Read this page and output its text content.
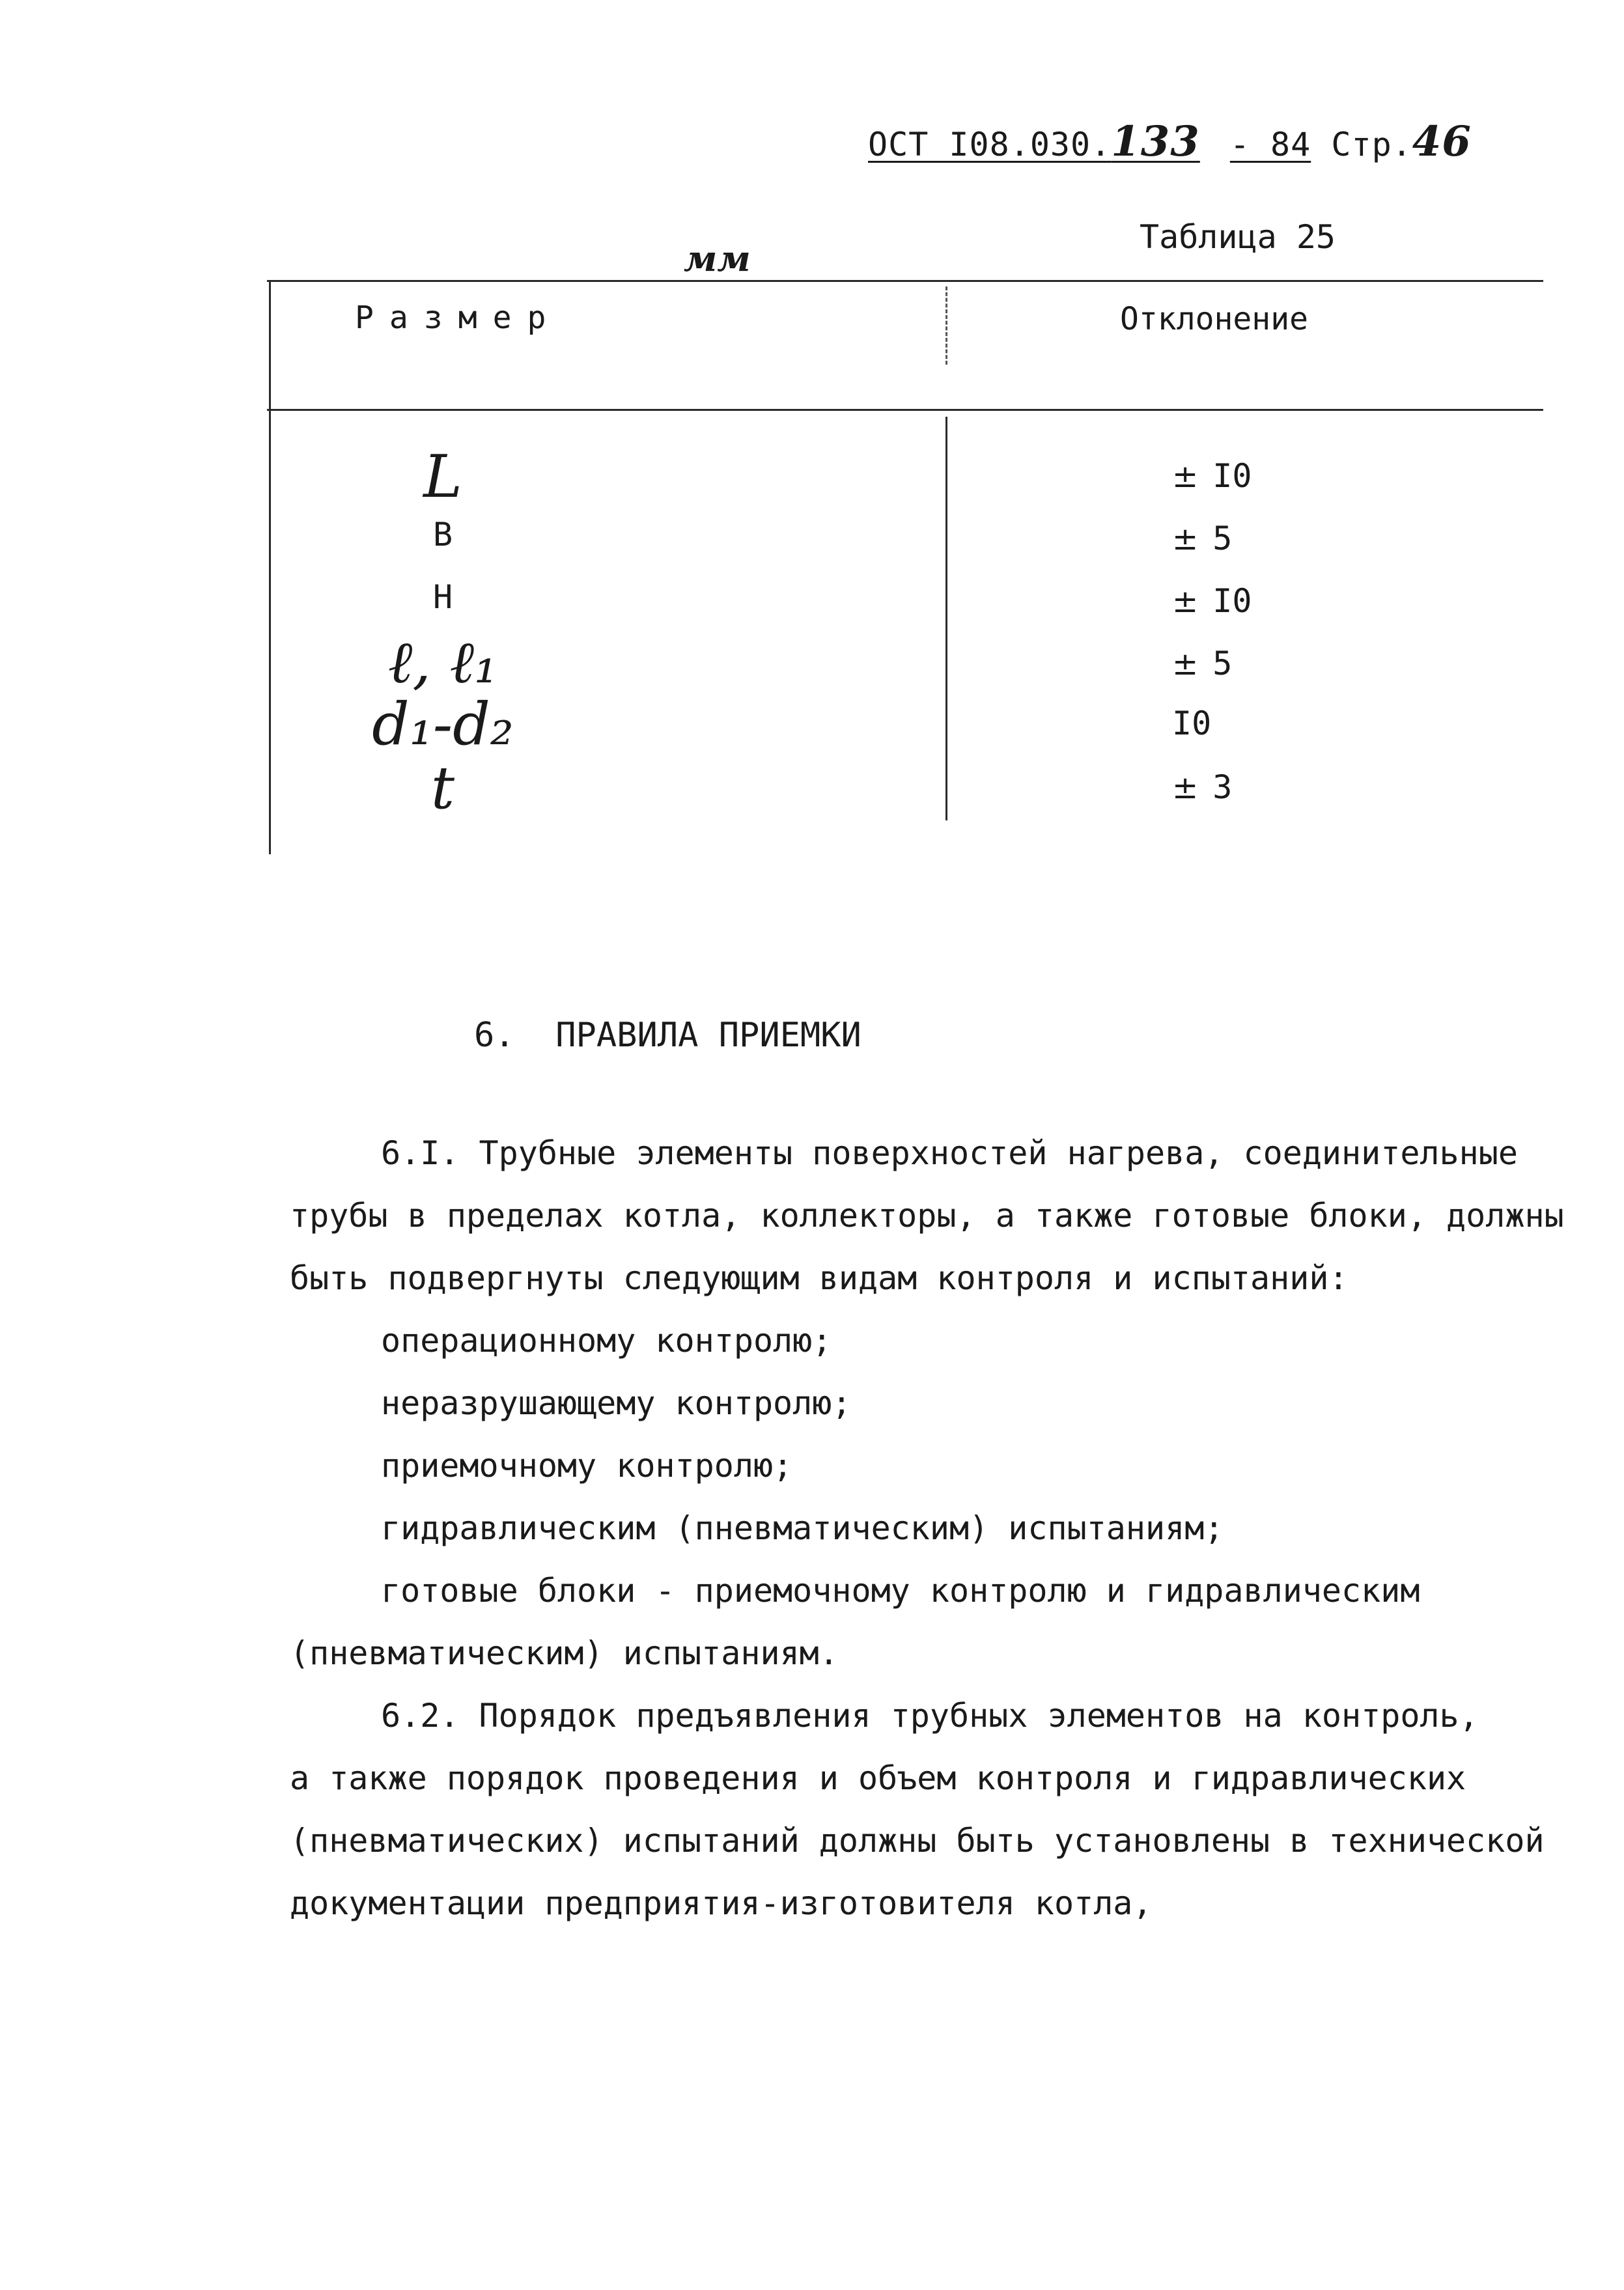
ОСТ I08.030.133 - 84 Стр.46
Таблица 25
мм
Размер	Отклонение
L
B
H
ℓ, ℓ₁
d₁-d₂
t
± I0
± 5
± I0
± 5
I0
± 3
6. ПРАВИЛА ПРИЕМКИ

6.I. Трубные элементы поверхностей нагрева, соединительные

трубы в пределах котла, коллекторы, а также готовые блоки, должны

быть подвергнуты следующим видам контроля и испытаний:

операционному контролю;

неразрушающему контролю;

приемочному контролю;

гидравлическим (пневматическим) испытаниям;

готовые блоки - приемочному контролю и гидравлическим

(пневматическим) испытаниям.

6.2. Порядок предъявления трубных элементов на контроль,

а также порядок проведения и объем контроля и гидравлических

(пневматических) испытаний должны быть установлены в технической

документации предприятия-изготовителя котла,
